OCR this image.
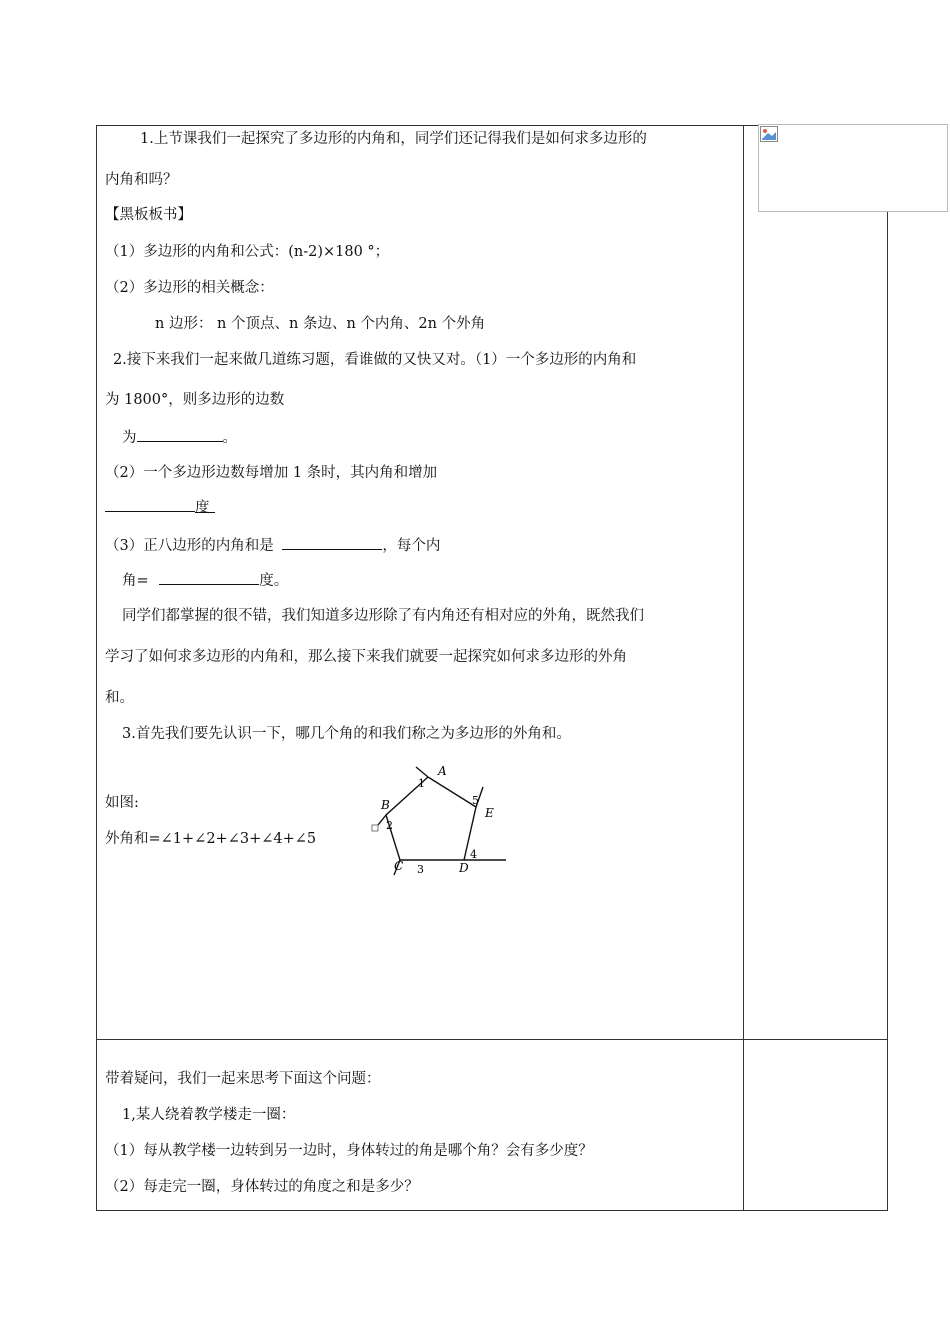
1.上节课我们一起探究了多边形的内角和，同学们还记得我们是如何求多边形的
内角和吗？
【黑板板书】
（1）多边形的内角和公式：(n-2)×180 °；
（2）多边形的相关概念：
n 边形： n 个顶点、n 条边、n 个内角、2n 个外角
2.接下来我们一起来做几道练习题，看谁做的又快又对。（1）一个多边形的内角和
为 1800°，则多边形的边数
为	。
（2）一个多边形边数每增加 1 条时，其内角和增加
度
（3）正八边形的内角和是	，每个内
角=	度。
同学们都掌握的很不错，我们知道多边形除了有内角还有相对应的外角，既然我们
学习了如何求多边形的内角和，那么接下来我们就要一起探究如何求多边形的外角
和。
3.首先我们要先认识一下，哪几个角的和我们称之为多边形的外角和。
如图:
外角和=∠1+∠2+∠3+∠4+∠5
A
B
C	D
E
1
2
3
4
5
带着疑问，我们一起来思考下面这个问题：
1,某人绕着教学楼走一圈：
（1）每从教学楼一边转到另一边时，身体转过的角是哪个角？会有多少度？
（2）每走完一圈，身体转过的角度之和是多少？
